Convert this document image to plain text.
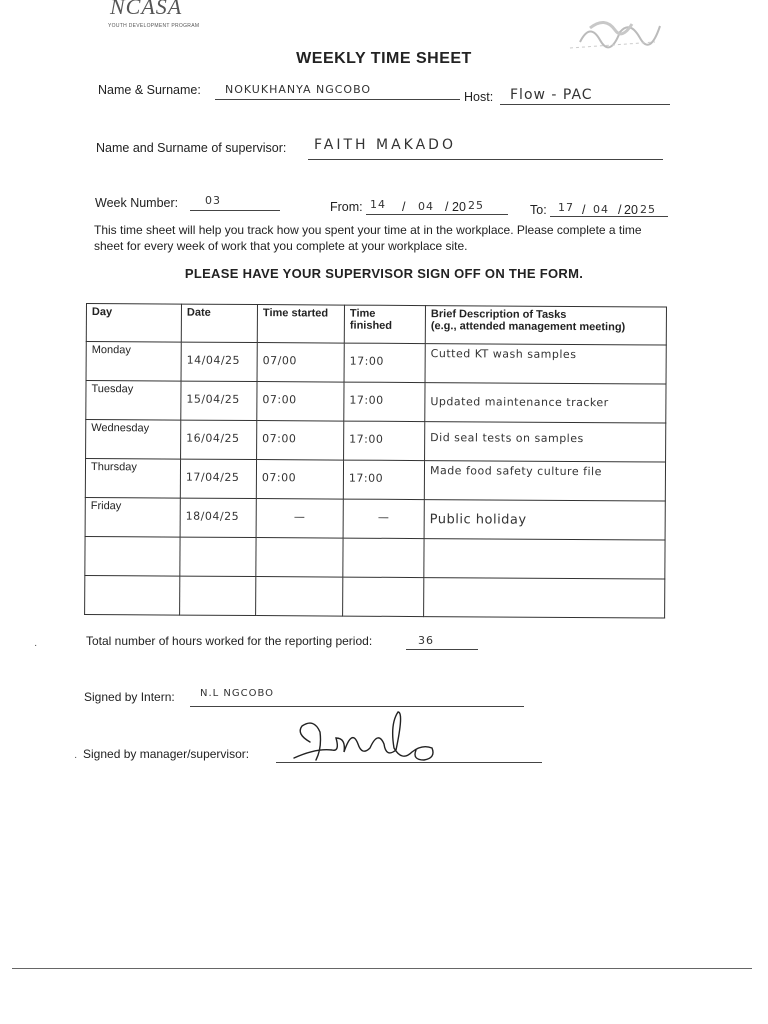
NCASA
YOUTH DEVELOPMENT PROGRAM
WEEKLY TIME SHEET
Name & Surname: NOKUKHANYA NGCOBO
Host: Flow - PAC
Name and Surname of supervisor: FAITH MAKADO
Week Number: 03	From: 14 / 04 / 20 25	To: 17 / 04 / 20 25
This time sheet will help you track how you spent your time at in the workplace. Please complete a time sheet for every week of work that you complete at your workplace site.
PLEASE HAVE YOUR SUPERVISOR SIGN OFF ON THE FORM.
Day	Date	Time started	Time finished	Brief Description of Tasks
(e.g., attended management meeting)

Monday	14/04/25	07/00	17:00	Cutted KT wash samples

Tuesday	15/04/25	07:00	17:00	Updated maintenance tracker

Wednesday	16/04/25	07:00	17:00	Did seal tests on samples

Thursday	17/04/25	07:00	17:00	Made food safety culture file

Friday	18/04/25	—	—	Public holiday

·	Total number of hours worked for the reporting period:	36
Signed by Intern:	N.L NGCOBO
· Signed by manager/supervisor:
